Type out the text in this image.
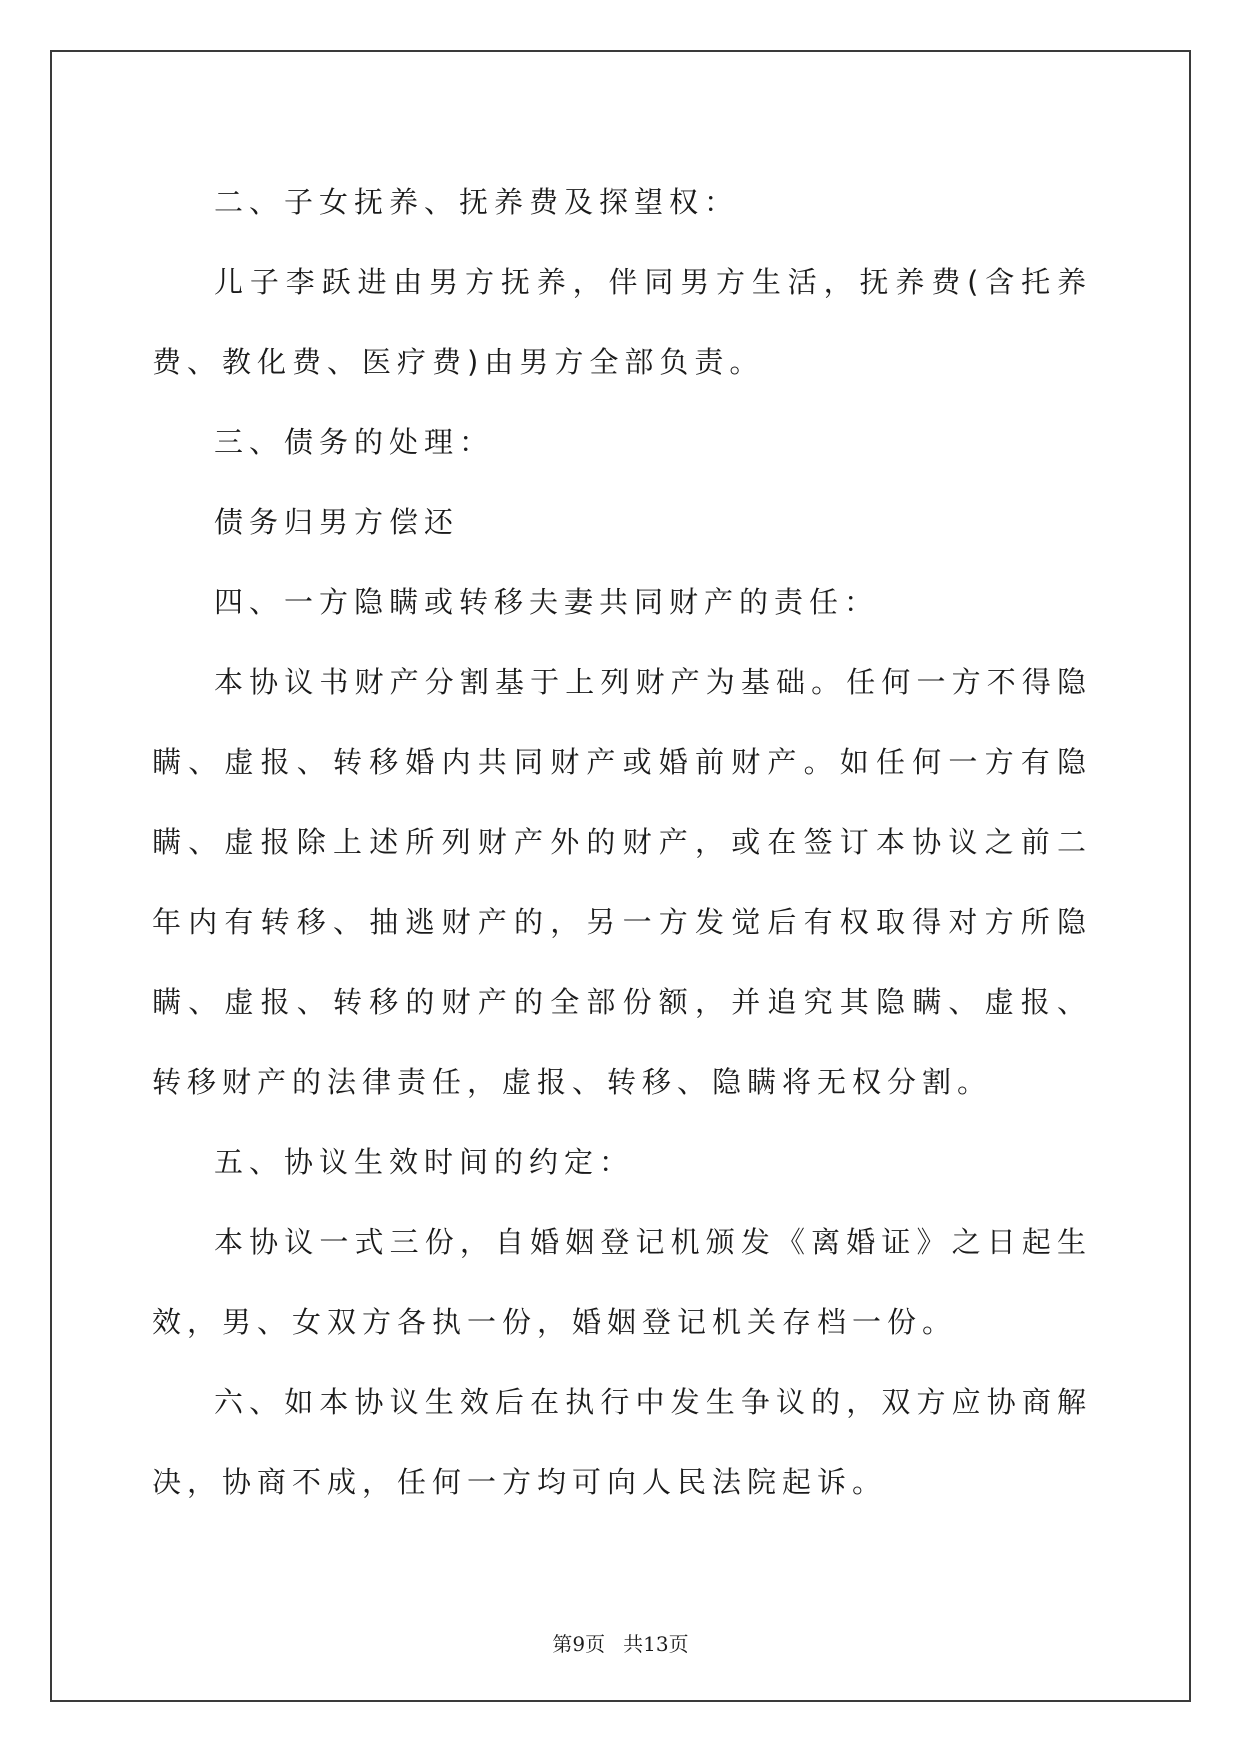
二、子女抚养、抚养费及探望权：

儿子李跃进由男方抚养，伴同男方生活，抚养费(含托养费、教化费、医疗费)由男方全部负责。

三、债务的处理：

债务归男方偿还

四、一方隐瞒或转移夫妻共同财产的责任：

本协议书财产分割基于上列财产为基础。任何一方不得隐瞒、虚报、转移婚内共同财产或婚前财产。如任何一方有隐瞒、虚报除上述所列财产外的财产，或在签订本协议之前二年内有转移、抽逃财产的，另一方发觉后有权取得对方所隐瞒、虚报、转移的财产的全部份额，并追究其隐瞒、虚报、转移财产的法律责任，虚报、转移、隐瞒将无权分割。

五、协议生效时间的约定：

本协议一式三份，自婚姻登记机颁发《离婚证》之日起生效，男、女双方各执一份，婚姻登记机关存档一份。

六、如本协议生效后在执行中发生争议的，双方应协商解决，协商不成，任何一方均可向人民法院起诉。

第9页 共13页
